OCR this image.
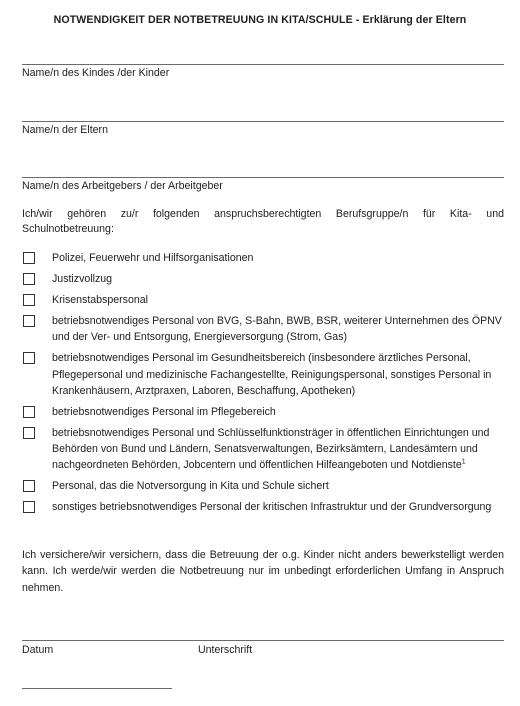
NOTWENDIGKEIT DER NOTBETREUUNG IN KITA/SCHULE - Erklärung der Eltern
Name/n des Kindes /der Kinder
Name/n der Eltern
Name/n des Arbeitgebers / der Arbeitgeber
Ich/wir gehören zu/r folgenden anspruchsberechtigten Berufsgruppe/n für Kita- und Schulnotbetreuung:
Polizei, Feuerwehr und Hilfsorganisationen
Justizvollzug
Krisenstabspersonal
betriebsnotwendiges Personal von BVG, S-Bahn, BWB, BSR, weiterer Unternehmen des ÖPNV und der Ver- und Entsorgung, Energieversorgung (Strom, Gas)
betriebsnotwendiges Personal im Gesundheitsbereich (insbesondere ärztliches Personal, Pflegepersonal und medizinische Fachangestellte, Reinigungspersonal, sonstiges Personal in Krankenhäusern, Arztpraxen, Laboren, Beschaffung, Apotheken)
betriebsnotwendiges Personal im Pflegebereich
betriebsnotwendiges Personal und Schlüsselfunktionsträger in öffentlichen Einrichtungen und Behörden von Bund und Ländern, Senatsverwaltungen, Bezirksämtern, Landesämtern und nachgeordneten Behörden, Jobcentern und öffentlichen Hilfeangeboten und Notdienste$^1$
Personal, das die Notversorgung in Kita und Schule sichert
sonstiges betriebsnotwendiges Personal der kritischen Infrastruktur und der Grundversorgung
Ich versichere/wir versichern, dass die Betreuung der o.g. Kinder nicht anders bewerkstelligt werden kann. Ich werde/wir werden die Notbetreuung nur im unbedingt erforderlichen Umfang in Anspruch nehmen.
Datum	Unterschrift
